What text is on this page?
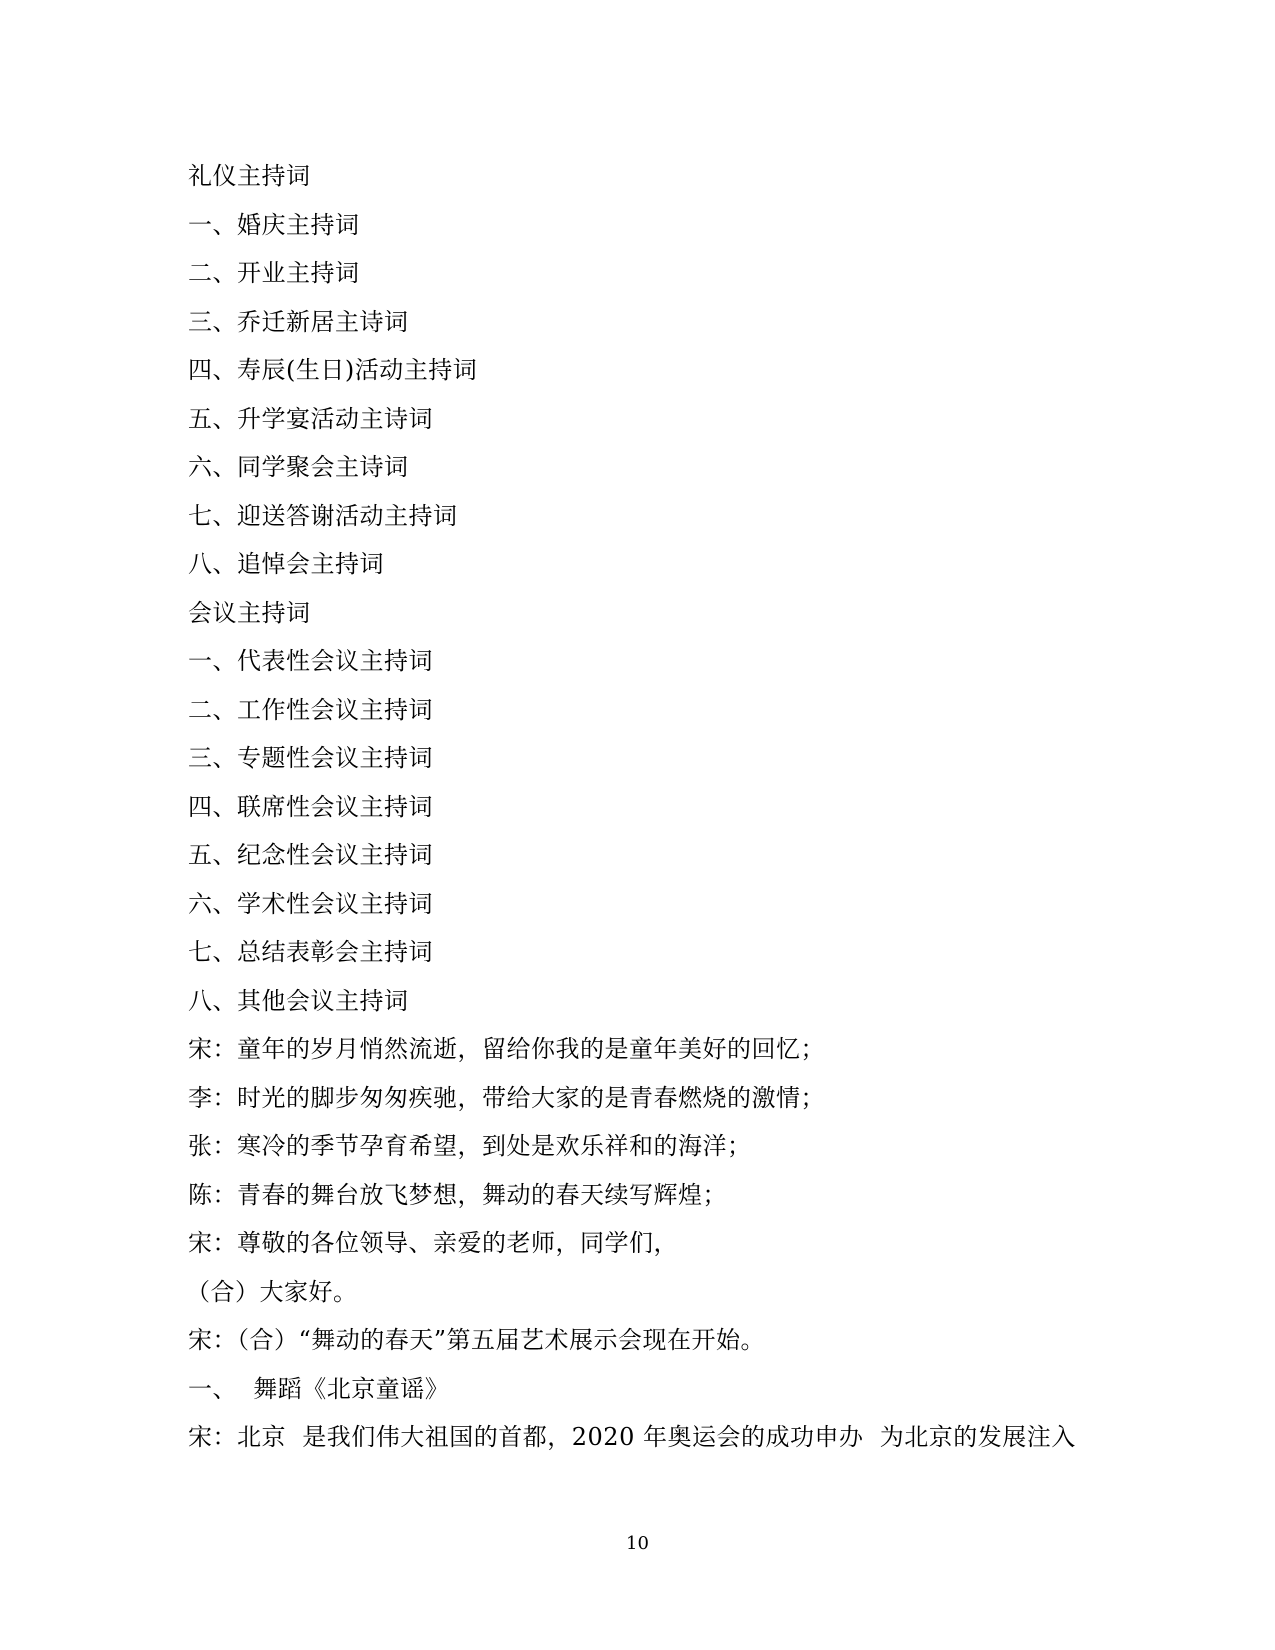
礼仪主持词
一、婚庆主持词
二、开业主持词
三、乔迁新居主诗词
四、寿辰(生日)活动主持词
五、升学宴活动主诗词
六、同学聚会主诗词
七、迎送答谢活动主持词
八、追悼会主持词
会议主持词
一、代表性会议主持词
二、工作性会议主持词
三、专题性会议主持词
四、联席性会议主持词
五、纪念性会议主持词
六、学术性会议主持词
七、总结表彰会主持词
八、其他会议主持词
宋：童年的岁月悄然流逝，留给你我的是童年美好的回忆；
李：时光的脚步匆匆疾驰，带给大家的是青春燃烧的激情；
张：寒冷的季节孕育希望，到处是欢乐祥和的海洋；
陈：青春的舞台放飞梦想，舞动的春天续写辉煌；
宋：尊敬的各位领导、亲爱的老师，同学们，
（合）大家好。
宋：（合）“舞动的春天”第五届艺术展示会现在开始。
一、  舞蹈《北京童谣》
宋：北京  是我们伟大祖国的首都，2020 年奥运会的成功申办  为北京的发展注入
10
